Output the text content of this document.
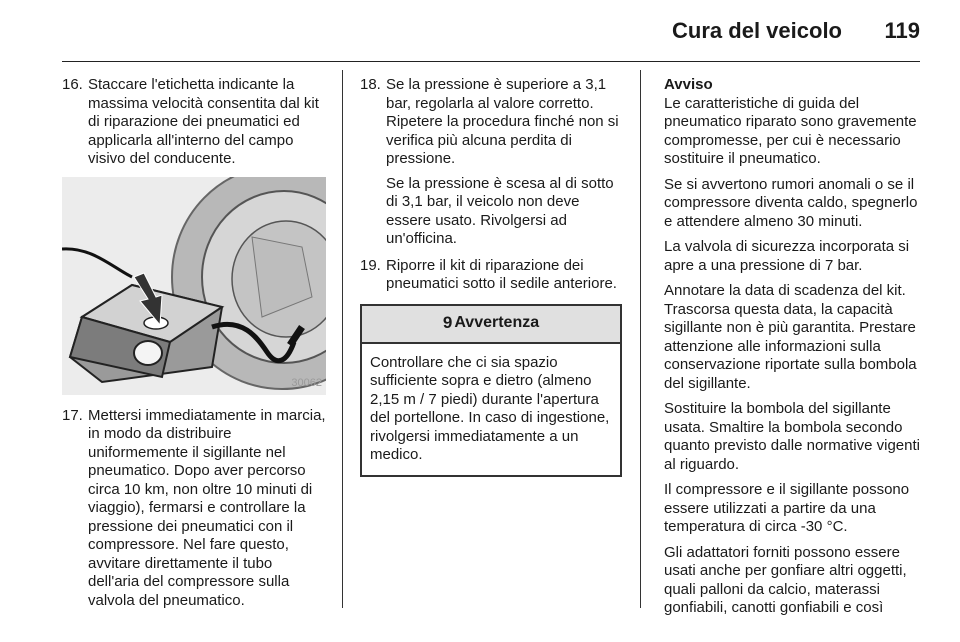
Cura del veicolo 119
16. Staccare l'etichetta indicante la massima velocità consentita dal kit di riparazione dei pneumatici ed applicarla all'interno del campo visivo del conducente.

30062
17. Mettersi immediatamente in marcia, in modo da distribuire uniformemente il sigillante nel pneumatico. Dopo aver percorso circa 10 km, non oltre 10 minuti di viaggio), fermarsi e controllare la pressione dei pneumatici con il compressore. Nel fare questo, avvitare direttamente il tubo dell'aria del compressore sulla valvola del pneumatico.

18. Se la pressione è superiore a 3,1 bar, regolarla al valore corretto. Ripetere la procedura finché non si verifica più alcuna perdita di pressione.

Se la pressione è scesa al di sotto di 3,1 bar, il veicolo non deve essere usato. Rivolgersi ad un'officina.

19. Riporre il kit di riparazione dei pneumatici sotto il sedile anteriore.

9 Avvertenza
Controllare che ci sia spazio sufficiente sopra e dietro (almeno 2,15 m / 7 piedi) durante l'apertura del portellone. In caso di ingestione, rivolgersi immediatamente a un medico.

Avviso

Le caratteristiche di guida del pneumatico riparato sono gravemente compromesse, per cui è necessario sostituire il pneumatico.

Se si avvertono rumori anomali o se il compressore diventa caldo, spegnerlo e attendere almeno 30 minuti.

La valvola di sicurezza incorporata si apre a una pressione di 7 bar.

Annotare la data di scadenza del kit. Trascorsa questa data, la capacità sigillante non è più garantita. Prestare attenzione alle informazioni sulla conservazione riportate sulla bombola del sigillante.

Sostituire la bombola del sigillante usata. Smaltire la bombola secondo quanto previsto dalle normative vigenti al riguardo.

Il compressore e il sigillante possono essere utilizzati a partire da una temperatura di circa -30 °C.

Gli adattatori forniti possono essere usati anche per gonfiare altri oggetti, quali palloni da calcio, materassi gonfiabili, canotti gonfiabili e così
